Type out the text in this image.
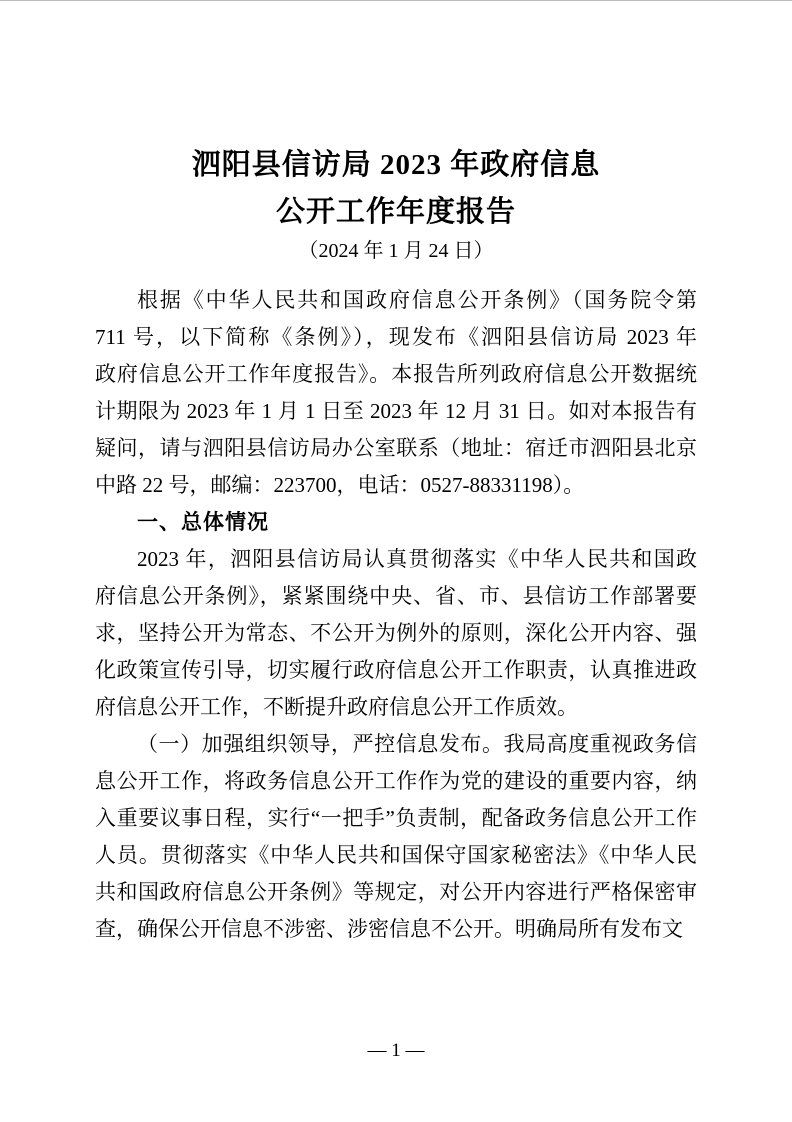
泗阳县信访局 2023 年政府信息
公开工作年度报告
（2024 年 1 月 24 日）
根据《中华人民共和国政府信息公开条例》（国务院令第
711 号，以下简称《条例》），现发布《泗阳县信访局 2023 年
政府信息公开工作年度报告》。本报告所列政府信息公开数据统
计期限为 2023 年 1 月 1 日至 2023 年 12 月 31 日。如对本报告有
疑问，请与泗阳县信访局办公室联系（地址：宿迁市泗阳县北京
中路 22 号，邮编：223700，电话：0527-88331198）。
一、总体情况
2023 年，泗阳县信访局认真贯彻落实《中华人民共和国政
府信息公开条例》，紧紧围绕中央、省、市、县信访工作部署要
求，坚持公开为常态、不公开为例外的原则，深化公开内容、强
化政策宣传引导，切实履行政府信息公开工作职责，认真推进政
府信息公开工作，不断提升政府信息公开工作质效。
（一）加强组织领导，严控信息发布。我局高度重视政务信
息公开工作，将政务信息公开工作作为党的建设的重要内容，纳
入重要议事日程，实行“一把手”负责制，配备政务信息公开工作
人员。贯彻落实《中华人民共和国保守国家秘密法》《中华人民
共和国政府信息公开条例》等规定，对公开内容进行严格保密审
查，确保公开信息不涉密、涉密信息不公开。明确局所有发布文
— 1 —
